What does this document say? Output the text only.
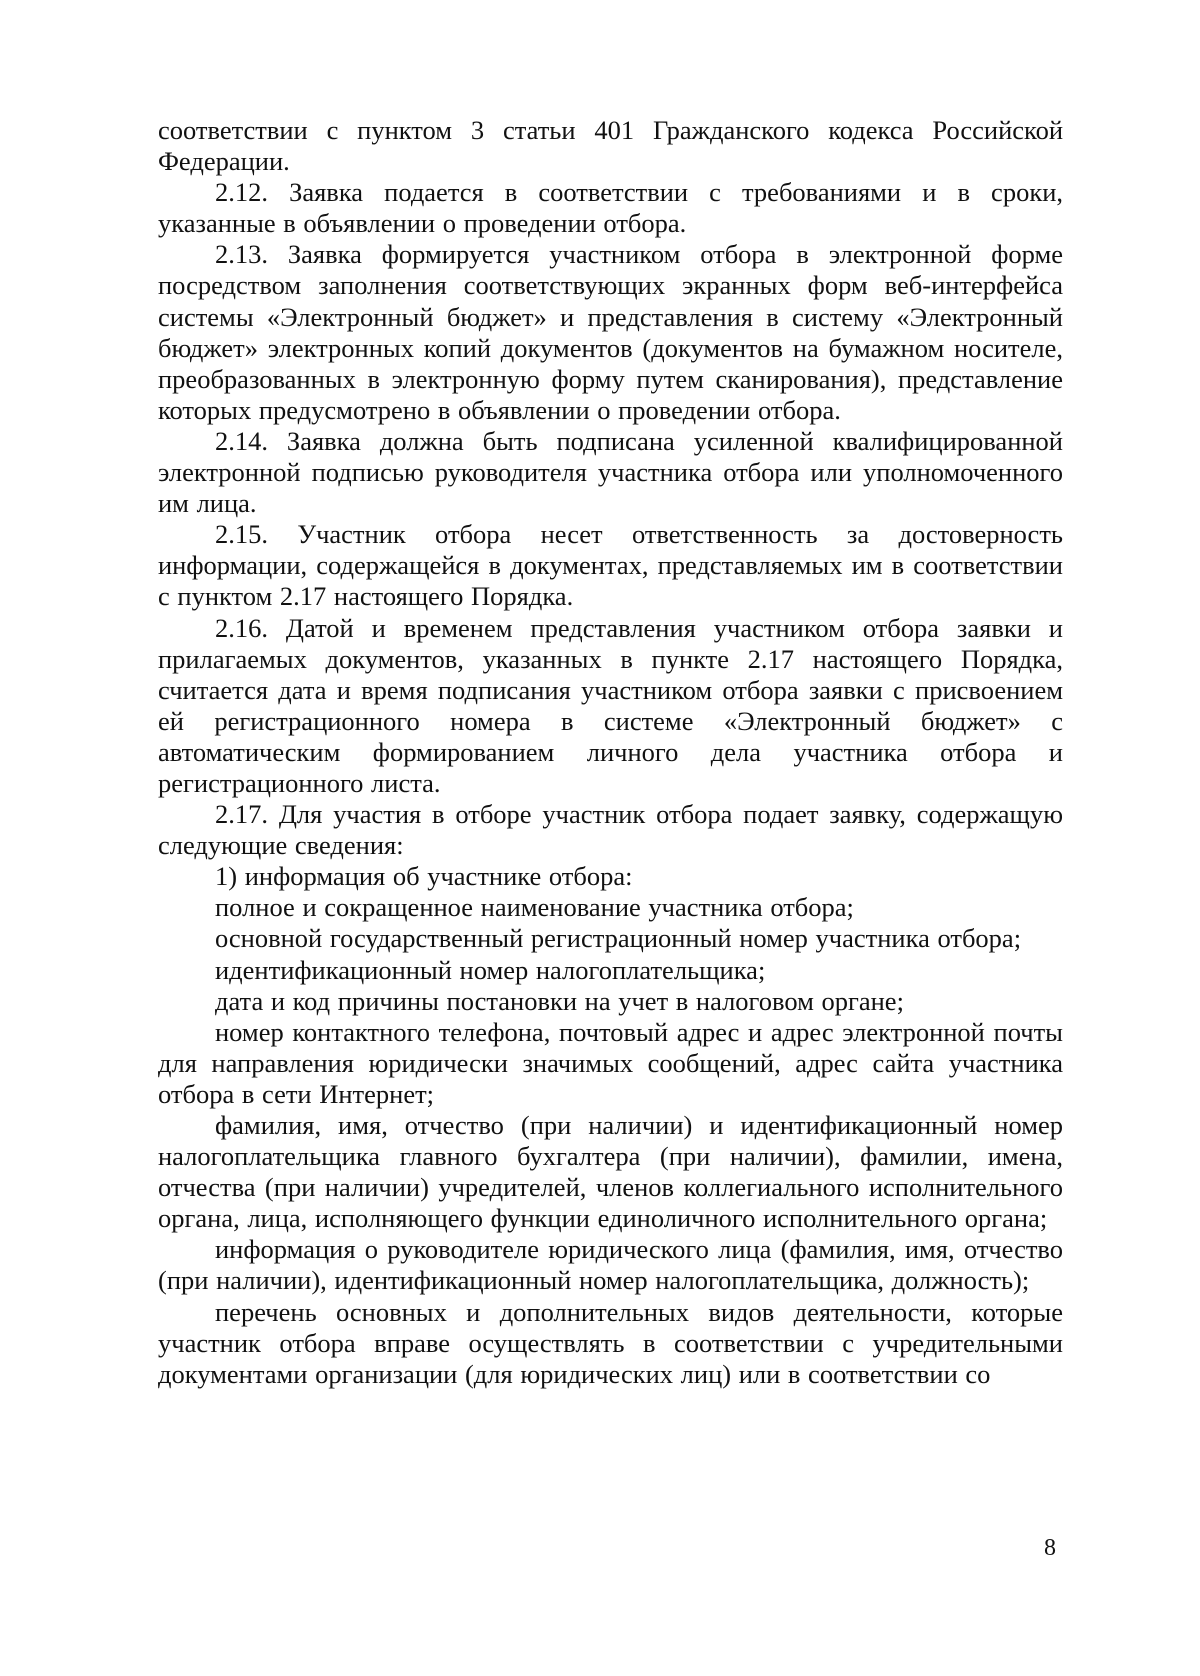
соответствии с пунктом 3 статьи 401 Гражданского кодекса Российской Федерации.

2.12. Заявка подается в соответствии с требованиями и в сроки, указанные в объявлении о проведении отбора.

2.13. Заявка формируется участником отбора в электронной форме посредством заполнения соответствующих экранных форм веб-интерфейса системы «Электронный бюджет» и представления в систему «Электронный бюджет» электронных копий документов (документов на бумажном носителе, преобразованных в электронную форму путем сканирования), представление которых предусмотрено в объявлении о проведении отбора.

2.14. Заявка должна быть подписана усиленной квалифицированной электронной подписью руководителя участника отбора или уполномоченного им лица.

2.15. Участник отбора несет ответственность за достоверность информации, содержащейся в документах, представляемых им в соответствии с пунктом 2.17 настоящего Порядка.

2.16. Датой и временем представления участником отбора заявки и прилагаемых документов, указанных в пункте 2.17 настоящего Порядка, считается дата и время подписания участником отбора заявки с присвоением ей регистрационного номера в системе «Электронный бюджет» с автоматическим формированием личного дела участника отбора и регистрационного листа.

2.17. Для участия в отборе участник отбора подает заявку, содержащую следующие сведения:

1) информация об участнике отбора:

полное и сокращенное наименование участника отбора;

основной государственный регистрационный номер участника отбора;

идентификационный номер налогоплательщика;

дата и код причины постановки на учет в налоговом органе;

номер контактного телефона, почтовый адрес и адрес электронной почты для направления юридически значимых сообщений, адрес сайта участника отбора в сети Интернет;

фамилия, имя, отчество (при наличии) и идентификационный номер налогоплательщика главного бухгалтера (при наличии), фамилии, имена, отчества (при наличии) учредителей, членов коллегиального исполнительного органа, лица, исполняющего функции единоличного исполнительного органа;

информация о руководителе юридического лица (фамилия, имя, отчество (при наличии), идентификационный номер налогоплательщика, должность);

перечень основных и дополнительных видов деятельности, которые участник отбора вправе осуществлять в соответствии с учредительными документами организации (для юридических лиц) или в соответствии со

8
